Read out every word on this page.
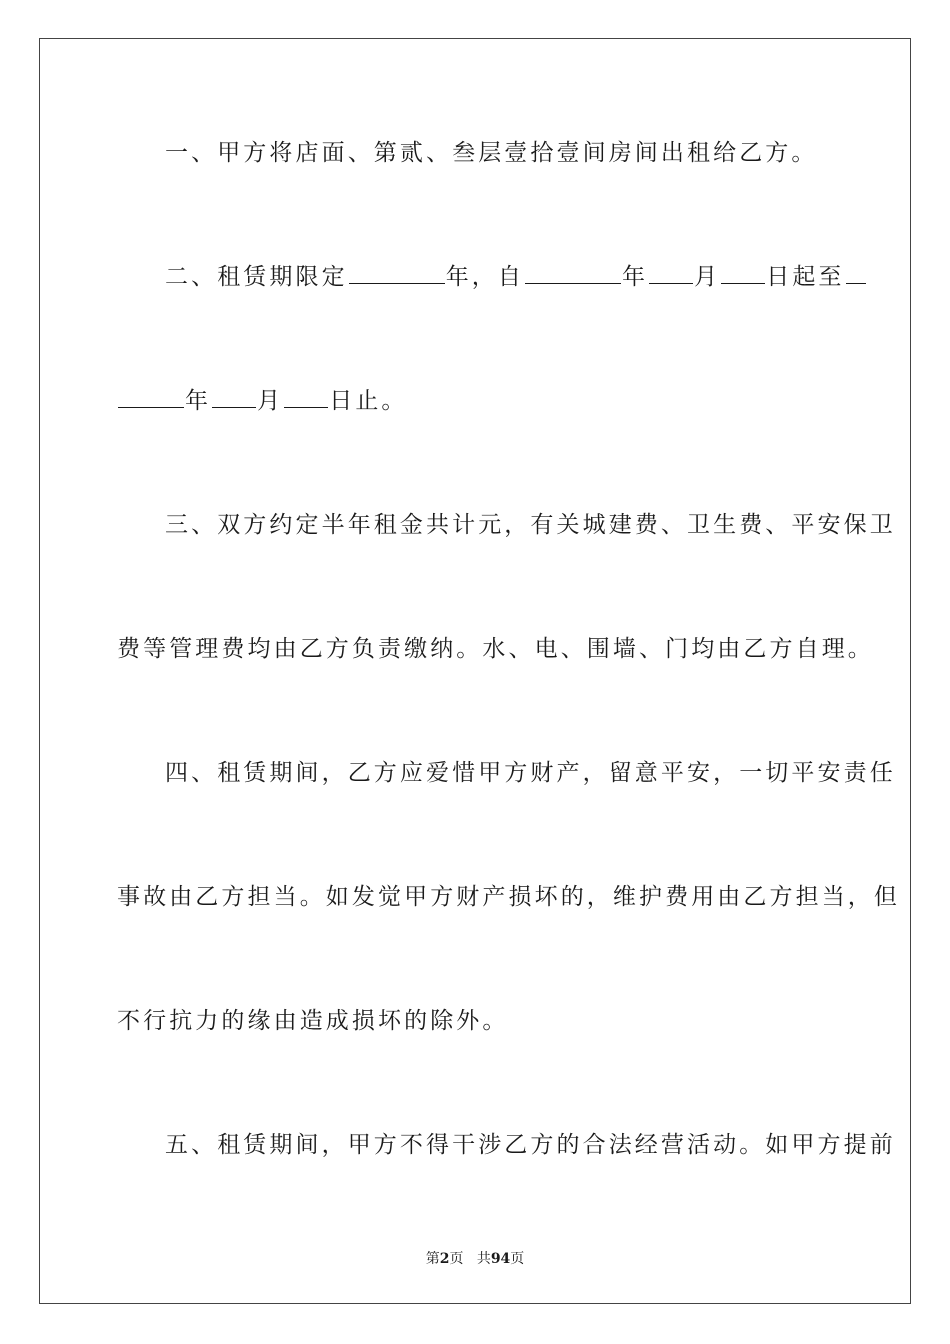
一、甲方将店面、第贰、叁层壹拾壹间房间出租给乙方。
二、租赁期限定	年，自	年 月 日起至
年 月 日止。
三、双方约定半年租金共计元，有关城建费、卫生费、平安保卫
费等管理费均由乙方负责缴纳。水、电、围墙、门均由乙方自理。
四、租赁期间，乙方应爱惜甲方财产，留意平安，一切平安责任
事故由乙方担当。如发觉甲方财产损坏的，维护费用由乙方担当，但
不行抗力的缘由造成损坏的除外。
五、租赁期间，甲方不得干涉乙方的合法经营活动。如甲方提前
第2页 共94页
